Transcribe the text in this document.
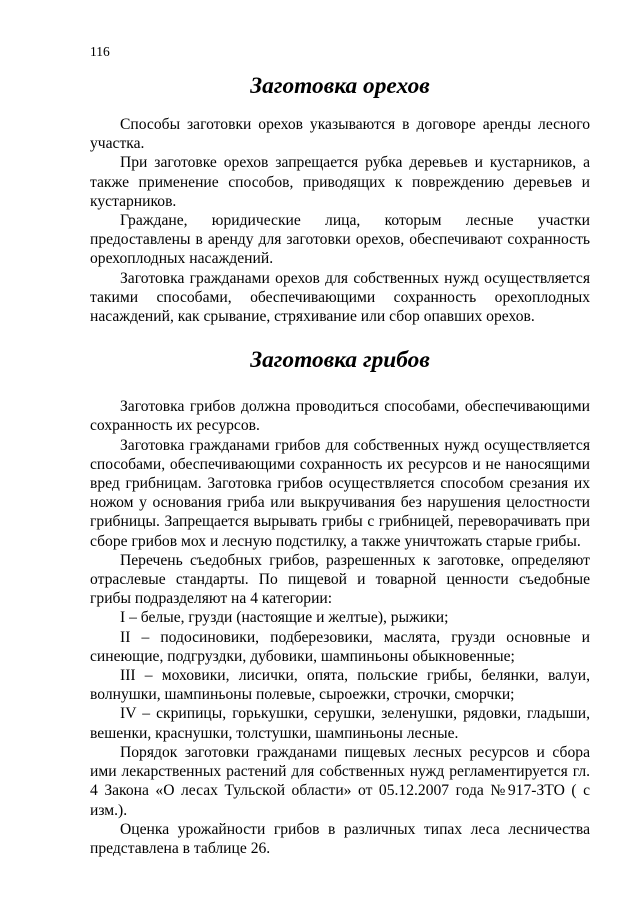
116
Заготовка орехов

Способы заготовки орехов указываются в договоре аренды лесного участка.

При заготовке орехов запрещается рубка деревьев и кустарников, а также применение способов, приводящих к повреждению деревьев и кустарников.

Граждане, юридические лица, которым лесные участки предоставлены в аренду для заготовки орехов, обеспечивают сохранность орехоплодных насаждений.

Заготовка гражданами орехов для собственных нужд осуществляется такими способами, обеспечивающими сохранность орехоплодных насаждений, как срывание, стряхивание или сбор опавших орехов.

Заготовка грибов

Заготовка грибов должна проводиться способами, обеспечивающими сохранность их ресурсов.

Заготовка гражданами грибов для собственных нужд осуществляется способами, обеспечивающими сохранность их ресурсов и не наносящими вред грибницам. Заготовка грибов осуществляется способом срезания их ножом у основания гриба или выкручивания без нарушения целостности грибницы. Запрещается вырывать грибы с грибницей, переворачивать при сборе грибов мох и лесную подстилку, а также уничтожать старые грибы.

Перечень съедобных грибов, разрешенных к заготовке, определяют отраслевые стандарты. По пищевой и товарной ценности съедобные грибы подразделяют на 4 категории:

I – белые, грузди (настоящие и желтые), рыжики;

II – подосиновики, подберезовики, маслята, грузди основные и синеющие, подгруздки, дубовики, шампиньоны обыкновенные;

III – моховики, лисички, опята, польские грибы, белянки, валуи, волнушки, шампиньоны полевые, сыроежки, строчки, сморчки;

IV – скрипицы, горькушки, серушки, зеленушки, рядовки, гладыши, вешенки, краснушки, толстушки, шампиньоны лесные.

Порядок заготовки гражданами пищевых лесных ресурсов и сбора ими лекарственных растений для собственных нужд регламентируется гл. 4 Закона «О лесах Тульской области» от 05.12.2007 года №917-ЗТО ( с изм.).

Оценка урожайности грибов в различных типах леса лесничества представлена в таблице 26.
